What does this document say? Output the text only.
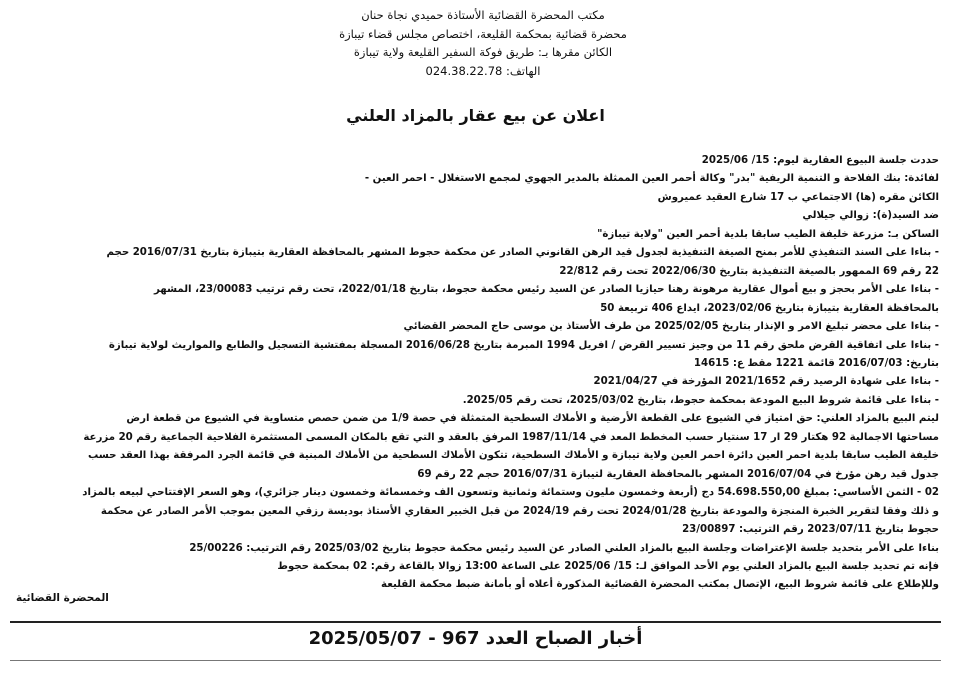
مكتب المحضرة القضائية الأستاذة حميدي نجاة حنان
محضرة قضائية بمحكمة القليعة، اختصاص مجلس قضاء تيبازة
الكائن مقرها بـ: طريق فوكة السفير القليعة ولاية تيبازة
الهاتف: 024.38.22.78
اعلان عن بيع عقار بالمزاد العلني
حددت جلسة البيوع العقارية ليوم: 15/ 2025/06
لفائدة: بنك الفلاحة و التنمية الريفية "بدر" وكالة أحمر العين الممثلة بالمدير الجهوي لمجمع الاستغلال - احمر العين -
الكائن مقره (ها) الاجتماعي ب 17 شارع العقيد عميروش
ضد السيد(ة): زوالي جيلالي
الساكن بـ: مزرعة خليفة الطيب سابقا بلدية أحمر العين "ولاية تيبازة"
- بناءا على السند التنفيذي للأمر بمنح الصيغة التنفيذية لجدول قيد الرهن القانوني الصادر عن محكمة حجوط المشهر بالمحافظة العقارية بتيبازة بتاريخ 2016/07/31 حجم
22 رقم 69 الممهور بالصيغة التنفيذية بتاريخ 2022/06/30 تحت رقم 22/812
- بناءا على الأمر بحجز و بيع أموال عقارية مرهونة رهنا حيازيا الصادر عن السيد رئيس محكمة حجوط، بتاريخ 2022/01/18، تحت رقم ترتيب 23/00083، المشهر
بالمحافظة العقارية بتيبازة بتاريخ 2023/02/06، ايداع 406 تربيعة 50
- بناءا على محضر تبليغ الامر و الإنذار بتاريخ 2025/02/05 من طرف الأستاذ بن موسى حاج المحضر القضائي
- بناءا على اتفاقية القرض ملحق رقم 11 من وجيز تسيير القرض / افريل 1994 المبرمة بتاريخ 2016/06/28 المسجلة بمفتشية التسجيل والطابع والمواريث لولاية تيبازة
بتاريخ: 2016/07/03 قائمة 1221 مقط ع: 14615
- بناءا على شهادة الرصيد رقم 2021/1652 المؤرخة في 2021/04/27
- بناءا على قائمة شروط البيع المودعة بمحكمة حجوط، بتاريخ 2025/03/02، تحت رقم 2025/05.
ليتم البيع بالمزاد العلني: حق امتياز في الشيوع على القطعة الأرضية و الأملاك السطحية المتمثلة في حصة 1/9 من ضمن حصص متساوية في الشيوع من قطعة ارض
مساحتها الاجمالية 92 هكتار 29 ار 17 سنتيار حسب المخطط المعد في 1987/11/14 المرفق بالعقد و التي تقع بالمكان المسمى المستثمرة الفلاحية الجماعية رقم 20 مزرعة
خليفة الطيب سابقا بلدية احمر العين دائرة احمر العين ولاية تيبازة و الأملاك السطحية، تتكون الأملاك السطحية من الأملاك المبنية في قائمة الجرد المرفقة بهذا العقد حسب
جدول قيد رهن مؤرخ في 2016/07/04 المشهر بالمحافظة العقارية لتيبازة 2016/07/31 حجم 22 رقم 69
02 - الثمن الأساسي: بمبلغ 54.698.550,00 دج (أربعة وخمسون مليون وستمائة وثمانية وتسعون الف وخمسمائة وخمسون دينار جزائري)، وهو السعر الإفتتاحي لبيعه بالمزاد
و ذلك وفقا لتقرير الخبرة المنجزة والمودعة بتاريخ 2024/01/28 تحت رقم 2024/19 من قبل الخبير العقاري الأستاذ بوديسة رزقي المعين بموجب الأمر الصادر عن محكمة
حجوط بتاريخ 2023/07/11 رقم الترتيب: 23/00897
بناءا على الأمر بتحديد جلسة الإعتراضات وجلسة البيع بالمزاد العلني الصادر عن السيد رئيس محكمة حجوط بتاريخ 2025/03/02 رقم الترتيب: 25/00226
فإنه تم تحديد جلسة البيع بالمزاد العلني يوم الأحد الموافق لـ: 15/ 2025/06 على الساعة 13:00 زوالا بالقاعة رقم: 02 بمحكمة حجوط
وللإطلاع على قائمة شروط البيع، الإتصال بمكتب المحضرة القضائية المذكورة أعلاه أو بأمانة ضبط محكمة القليعة
المحضرة القضائية
أخبار الصباح العدد 967 - 2025/05/07
